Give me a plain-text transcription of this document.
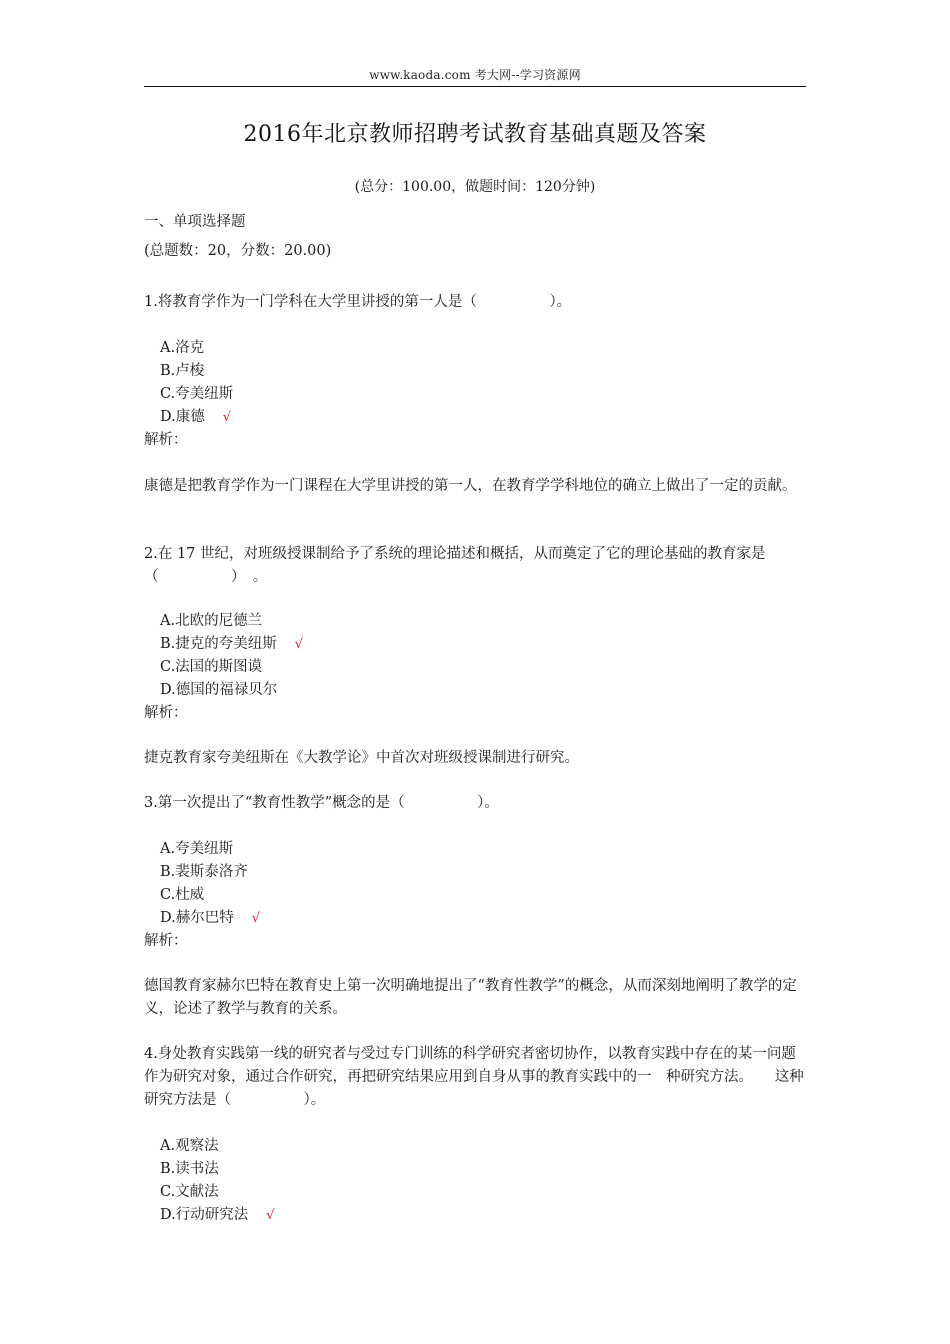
www.kaoda.com 考大网--学习资源网
2016年北京教师招聘考试教育基础真题及答案
(总分：100.00，做题时间：120分钟)
一、单项选择题
(总题数：20，分数：20.00)
1.将教育学作为一门学科在大学里讲授的第一人是（　　　　　）。
A.洛克
B.卢梭
C.夸美纽斯
D.康德 √
解析：
康德是把教育学作为一门课程在大学里讲授的第一人，在教育学学科地位的确立上做出了一定的贡献。
2.在 17 世纪，对班级授课制给予了系统的理论描述和概括，从而奠定了它的理论基础的教育家是（　　　　　）　。
A.北欧的尼德兰
B.捷克的夸美纽斯 √
C.法国的斯图谟
D.德国的福禄贝尔
解析：
捷克教育家夸美纽斯在《大教学论》中首次对班级授课制进行研究。
3.第一次提出了“教育性教学”概念的是（　　　　　）。
A.夸美纽斯
B.裴斯泰洛齐
C.杜威
D.赫尔巴特 √
解析：
德国教育家赫尔巴特在教育史上第一次明确地提出了“教育性教学”的概念，从而深刻地阐明了教学的定义，论述了教学与教育的关系。
4.身处教育实践第一线的研究者与受过专门训练的科学研究者密切协作，以教育实践中存在的某一问题作为研究对象，通过合作研究，再把研究结果应用到自身从事的教育实践中的一　种研究方法。　　这种研究方法是（　　　　　）。
A.观察法
B.读书法
C.文献法
D.行动研究法 √
